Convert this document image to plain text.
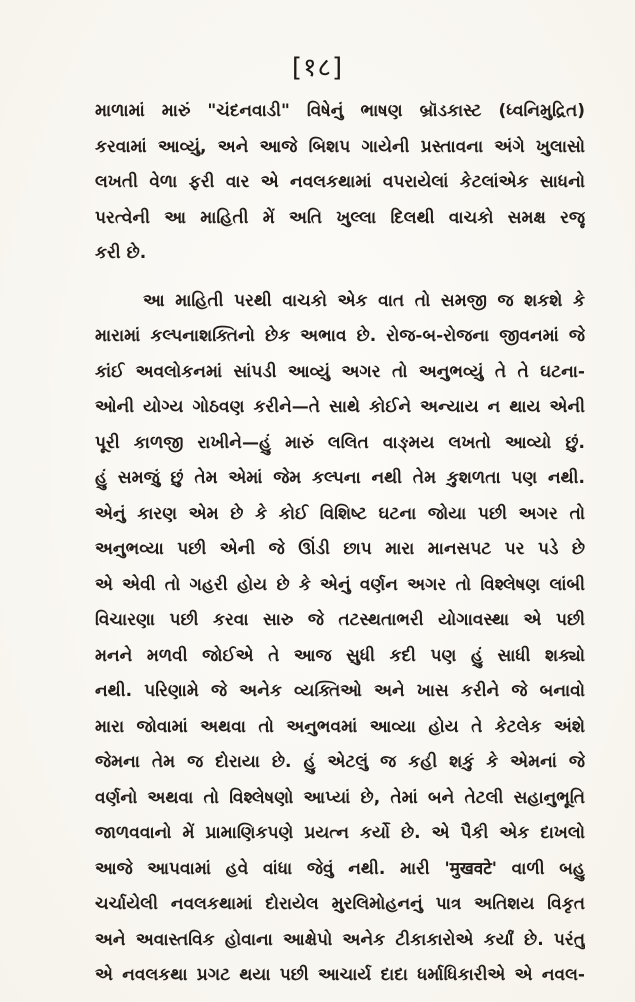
[१८]
માળામાં મારું "ચંદનવાડી" વિષેનું ભાષણ બ્રૉડકાસ્ટ (ધ્વનિમુદ્રિત)
કરવામાં આવ્યું, અને આજે બિશપ ગાયેની પ્રસ્તાવના અંગે ખુલાસો
લખતી વેળા ફરી વાર એ નવલકથામાં વપરાયેલાં કેટલાંએક સાધનો
પરત્વેની આ માહિતી મેં અતિ ખુલ્લા દિલથી વાચકો સમક્ષ રજૂ
કરી છે.
આ માહિતી પરથી વાચકો એક વાત તો સમજી જ શકશે કે
મારામાં કલ્પનાશક્તિનો છેક અભાવ છે. રોજ-બ-રોજના જીવનમાં જે
કાંઈ અવલોકનમાં સાંપડી આવ્યું અગર તો અનુભવ્યું તે તે ઘટના-
ઓની યોગ્ય ગોઠવણ કરીને—તે સાથે કોઈને અન્યાય ન થાય એની
પૂરી કાળજી રાખીને—હું મારું લલિત વાઙ્મય લખતો આવ્યો છું.
હું સમજું છું તેમ એમાં જેમ કલ્પના નથી તેમ કુશળતા પણ નથી.
એનું કારણ એમ છે કે કોઈ વિશિષ્ટ ઘટના જોયા પછી અગર તો
અનુભવ્યા પછી એની જે ઊંડી છાપ મારા માનસપટ પર પડે છે
એ એવી તો ગહરી હોય છે કે એનું વર્ણન અગર તો વિશ્લેષણ લાંબી
વિચારણા પછી કરવા સારુ જે તટસ્થતાભરી યોગાવસ્થા એ પછી
મનને મળવી જોઈએ તે આજ સુધી કદી પણ હું સાધી શક્યો
નથી. પરિણામે જે અનેક વ્યક્તિઓ અને ખાસ કરીને જે બનાવો
મારા જોવામાં અથવા તો અનુભવમાં આવ્યા હોય તે કેટલેક અંશે
જેમના તેમ જ દોરાયા છે. હું એટલું જ કહી શકું કે એમનાં જે
વર્ણનો અથવા તો વિશ્લેષણો આપ્યાં છે, તેમાં બને તેટલી સહાનુભૂતિ
જાળવવાનો મેં પ્રામાણિકપણે પ્રયત્ન કર્યો છે. એ પૈકી એક દાખલો
આજે આપવામાં હવે વાંધા જેવું નથી. મારી 'मुखवटे' વાળી બહુ
ચર્ચાયેલી નવલકથામાં દોરાયેલ મુરલિમોહનનું પાત્ર અતિશય વિકૃત
અને અવાસ્તવિક હોવાના આક્ષેપો અનેક ટીકાકારોએ કર્યાં છે. પરંતુ
એ નવલકથા પ્રગટ થયા પછી આચાર્ય દાદા ધર્માધિકારીએ એ નવલ-
